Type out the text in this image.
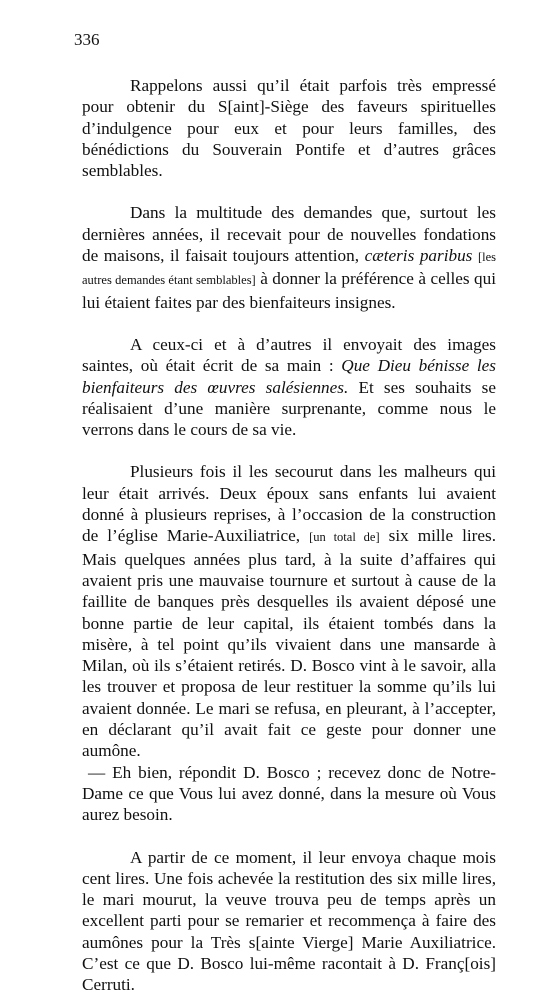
336

Rappelons aussi qu’il était parfois très empressé pour obtenir du S[aint]-Siège des faveurs spirituelles d’indulgence pour eux et pour leurs familles, des bénédictions du Souverain Pontife et d’autres grâces semblables.

Dans la multitude des demandes que, surtout les dernières années, il recevait pour de nouvelles fondations de maisons, il faisait toujours attention, cæteris paribus [les autres demandes étant semblables] à donner la préférence à celles qui lui étaient faites par des bienfaiteurs insignes.

A ceux-ci et à d’autres il envoyait des images saintes, où était écrit de sa main : Que Dieu bénisse les bienfaiteurs des œuvres salésiennes. Et ses souhaits se réalisaient d’une manière surprenante, comme nous le verrons dans le cours de sa vie.

Plusieurs fois il les secourut dans les malheurs qui leur était arrivés. Deux époux sans enfants lui avaient donné à plusieurs reprises, à l’occasion de la construction de l’église Marie-Auxiliatrice, [un total de] six mille lires. Mais quelques années plus tard, à la suite d’affaires qui avaient pris une mauvaise tournure et surtout à cause de la faillite de banques près desquelles ils avaient déposé une bonne partie de leur capital, ils étaient tombés dans la misère, à tel point qu’ils vivaient dans une mansarde à Milan, où ils s’étaient retirés. D. Bosco vint à le savoir, alla les trouver et proposa de leur restituer la somme qu’ils lui avaient donnée. Le mari se refusa, en pleurant, à l’accepter, en déclarant qu’il avait fait ce geste pour donner une aumône.

— Eh bien, répondit D. Bosco ; recevez donc de Notre-Dame ce que Vous lui avez donné, dans la mesure où Vous aurez besoin.

A partir de ce moment, il leur envoya chaque mois cent lires. Une fois achevée la restitution des six mille lires, le mari mourut, la veuve trouva peu de temps après un excellent parti pour se remarier et recommença à faire des aumônes pour la Très s[ainte Vierge] Marie Auxiliatrice. C’est ce que D. Bosco lui-même racontait à D. Franç[ois] Cerruti.
